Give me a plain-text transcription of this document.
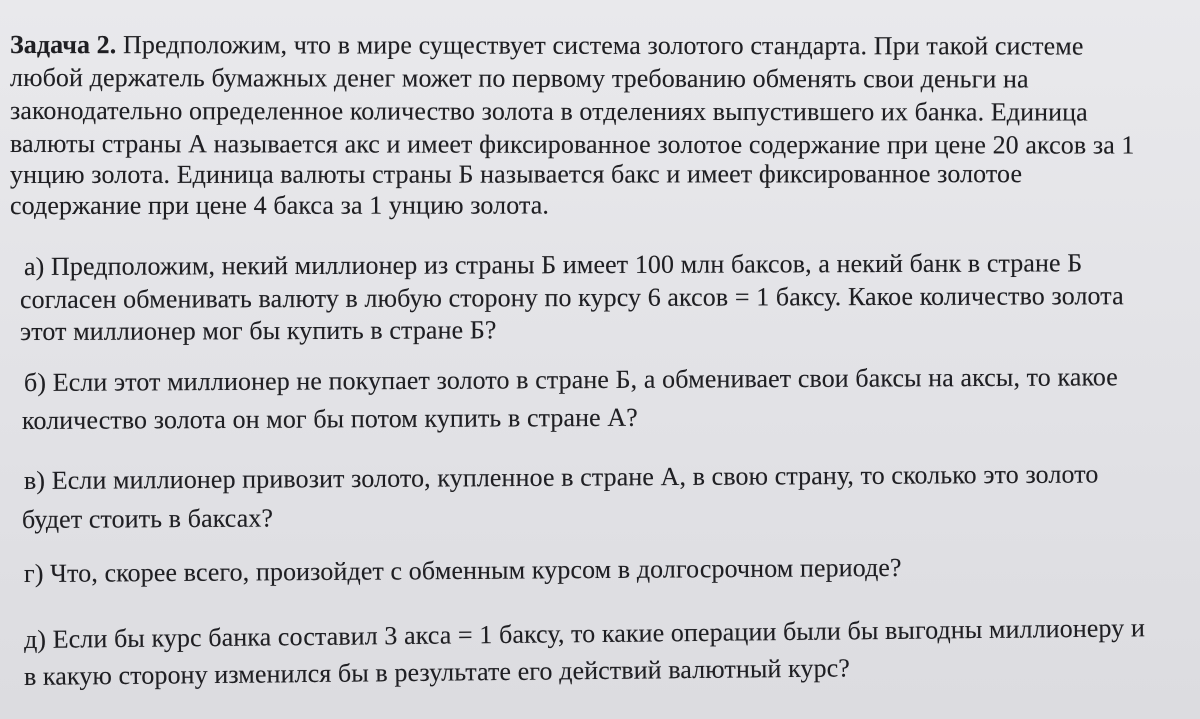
Задача 2. Предположим, что в мире существует система золотого стандарта. При такой системе
любой держатель бумажных денег может по первому требованию обменять свои деньги на
законодательно определенное количество золота в отделениях выпустившего их банка. Единица
валюты страны А называется акс и имеет фиксированное золотое содержание при цене 20 аксов за 1
унцию золота. Единица валюты страны Б называется бакс и имеет фиксированное золотое
содержание при цене 4 бакса за 1 унцию золота.
а) Предположим, некий миллионер из страны Б имеет 100 млн баксов, а некий банк в стране Б
согласен обменивать валюту в любую сторону по курсу 6 аксов = 1 баксу. Какое количество золота
этот миллионер мог бы купить в стране Б?
б) Если этот миллионер не покупает золото в стране Б, а обменивает свои баксы на аксы, то какое
количество золота он мог бы потом купить в стране А?
в) Если миллионер привозит золото, купленное в стране А, в свою страну, то сколько это золото
будет стоить в баксах?
г) Что, скорее всего, произойдет с обменным курсом в долгосрочном периоде?
д) Если бы курс банка составил 3 акса = 1 баксу, то какие операции были бы выгодны миллионеру и
в какую сторону изменился бы в результате его действий валютный курс?
